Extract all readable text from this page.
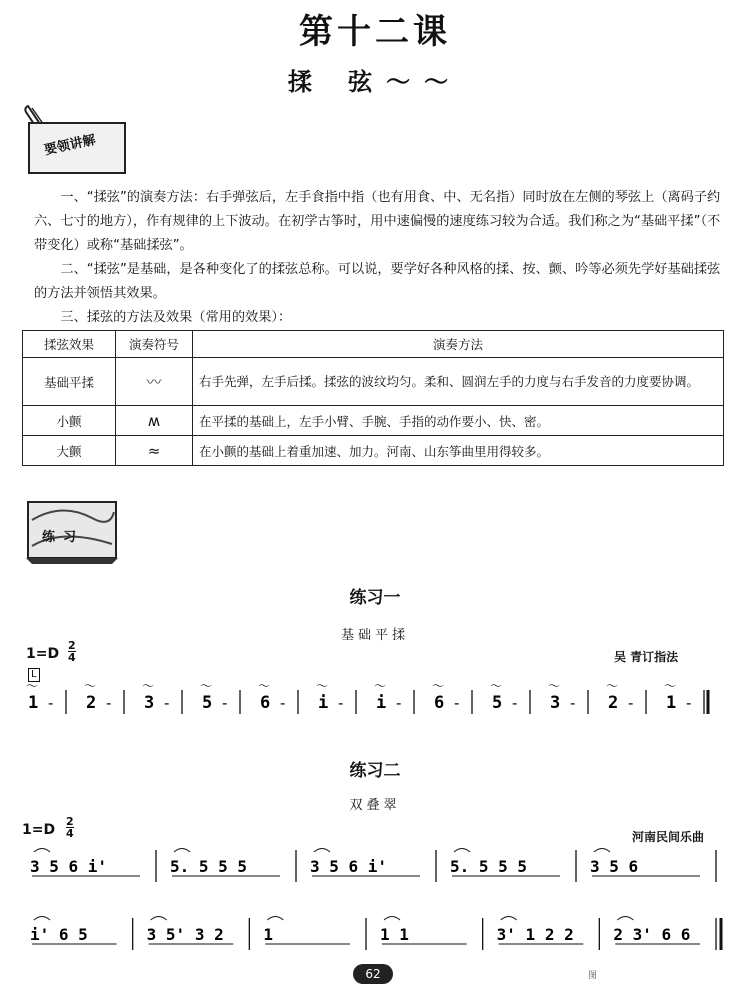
第十二课
揉 弦〜〜
要领讲解
一、“揉弦”的演奏方法：右手弹弦后，左手食指中指（也有用食、中、无名指）同时放在左侧的琴弦上（离码子约六、七寸的地方），作有规律的上下波动。在初学古筝时，用中速偏慢的速度练习较为合适。我们称之为“基础平揉”（不带变化）或称“基础揉弦”。
二、“揉弦”是基础，是各种变化了的揉弦总称。可以说，要学好各种风格的揉、按、颤、吟等必须先学好基础揉弦的方法并领悟其效果。
三、揉弦的方法及效果（常用的效果）：
揉弦效果	演奏符号	演奏方法
基础平揉	〰	右手先弹，左手后揉。揉弦的波纹均匀。柔和、圆润左手的力度与右手发音的力度要协调。
小颤	ʍ	在平揉的基础上，左手小臂、手腕、手指的动作要小、快、密。
大颤	≈	在小颤的基础上着重加速、加力。河南、山东筝曲里用得较多。
练习
练习一
基础平揉
1=D
2
4	吴 青订指法
L
〜
1 -
〜
2 -
〜
3 -
〜
5 -
〜
6 -
〜
i -
〜
i -
〜
6 -
〜
5 -
〜
3 -
〜
2 -
〜
1 -
练习二
双叠翠
1=D
2
4	河南民间乐曲
3 5 6 i'	5. 5 5 5	3 5 6 i'	5. 5 5 5	3 5 6
i' 6 5	3 5' 3 2 1	1 1	3' 1 2 2 2 3' 6 6
62	图
